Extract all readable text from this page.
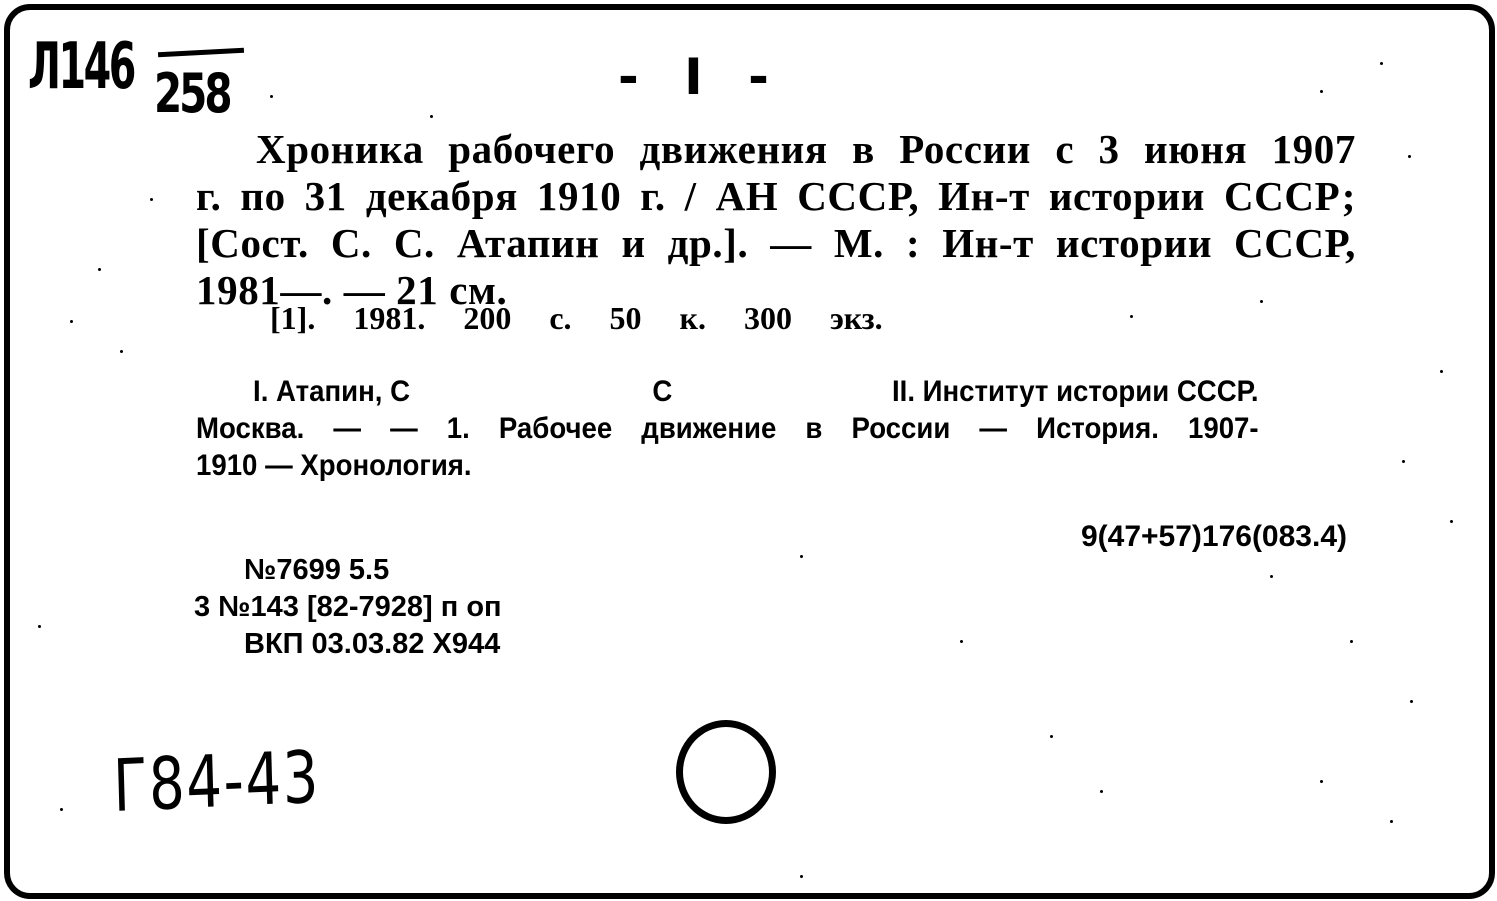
Л146 258	- I -
Хроника рабочего движения в России с 3 июня 1907
г. по 31 декабря 1910 г. / АН СССР, Ин-т истории СССР;
[Сост. С. С. Атапин и др.]. — М. : Ин-т истории СССР,
1981—. — 21 см.
[1]. 1981. 200 с. 50 к. 300 экз.
I. Атапин, С	С	II. Институт истории СССР.
Москва. — — 1. Рабочее движение в России — История. 1907-
1910 — Хронология.
9(47+57)176(083.4)
№7699 5.5
3 №143 [82-7928] п оп
ВКП 03.03.82 Х944
Г84-43
